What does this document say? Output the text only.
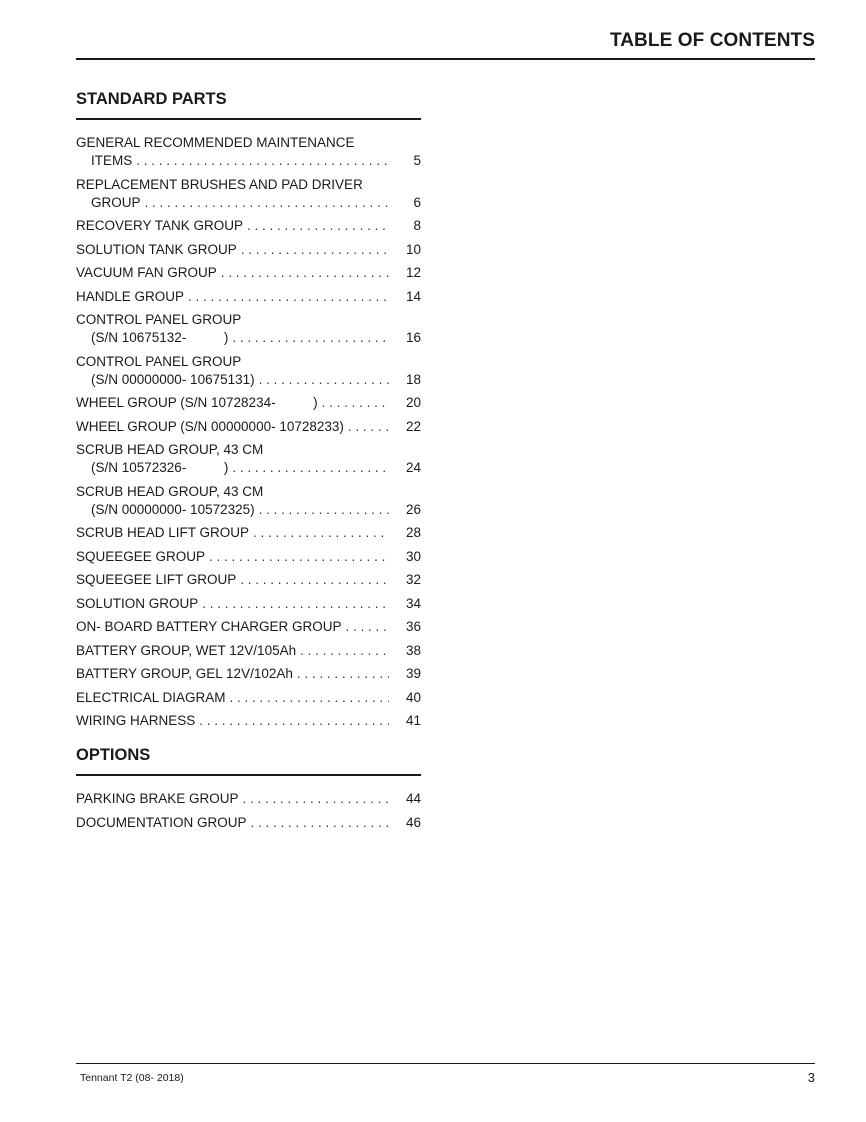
TABLE OF CONTENTS
STANDARD PARTS
GENERAL RECOMMENDED MAINTENANCE
ITEMS . . .	5
REPLACEMENT BRUSHES AND PAD DRIVER
GROUP . . .	6
RECOVERY TANK GROUP . . .	8
SOLUTION TANK GROUP . . .	10
VACUUM FAN GROUP . . .	12
HANDLE GROUP . . .	14
CONTROL PANEL GROUP
(S/N 10675132-          ) . . .	16
CONTROL PANEL GROUP
(S/N 00000000- 10675131) . . .	18
WHEEL GROUP (S/N 10728234-          ) . . .	20
WHEEL GROUP (S/N 00000000- 10728233) . . .	22
SCRUB HEAD GROUP, 43 CM
(S/N 10572326-          ) . . .	24
SCRUB HEAD GROUP, 43 CM
(S/N 00000000- 10572325) . . .	26
SCRUB HEAD LIFT GROUP . . .	28
SQUEEGEE GROUP . . .	30
SQUEEGEE LIFT GROUP . . .	32
SOLUTION GROUP . . .	34
ON- BOARD BATTERY CHARGER GROUP . . .	36
BATTERY GROUP, WET 12V/105Ah . . .	38
BATTERY GROUP, GEL 12V/102Ah . . .	39
ELECTRICAL DIAGRAM . . .	40
WIRING HARNESS . . .	41
OPTIONS
PARKING BRAKE GROUP . . .	44
DOCUMENTATION GROUP . . .	46
Tennant T2 (08- 2018)	3
